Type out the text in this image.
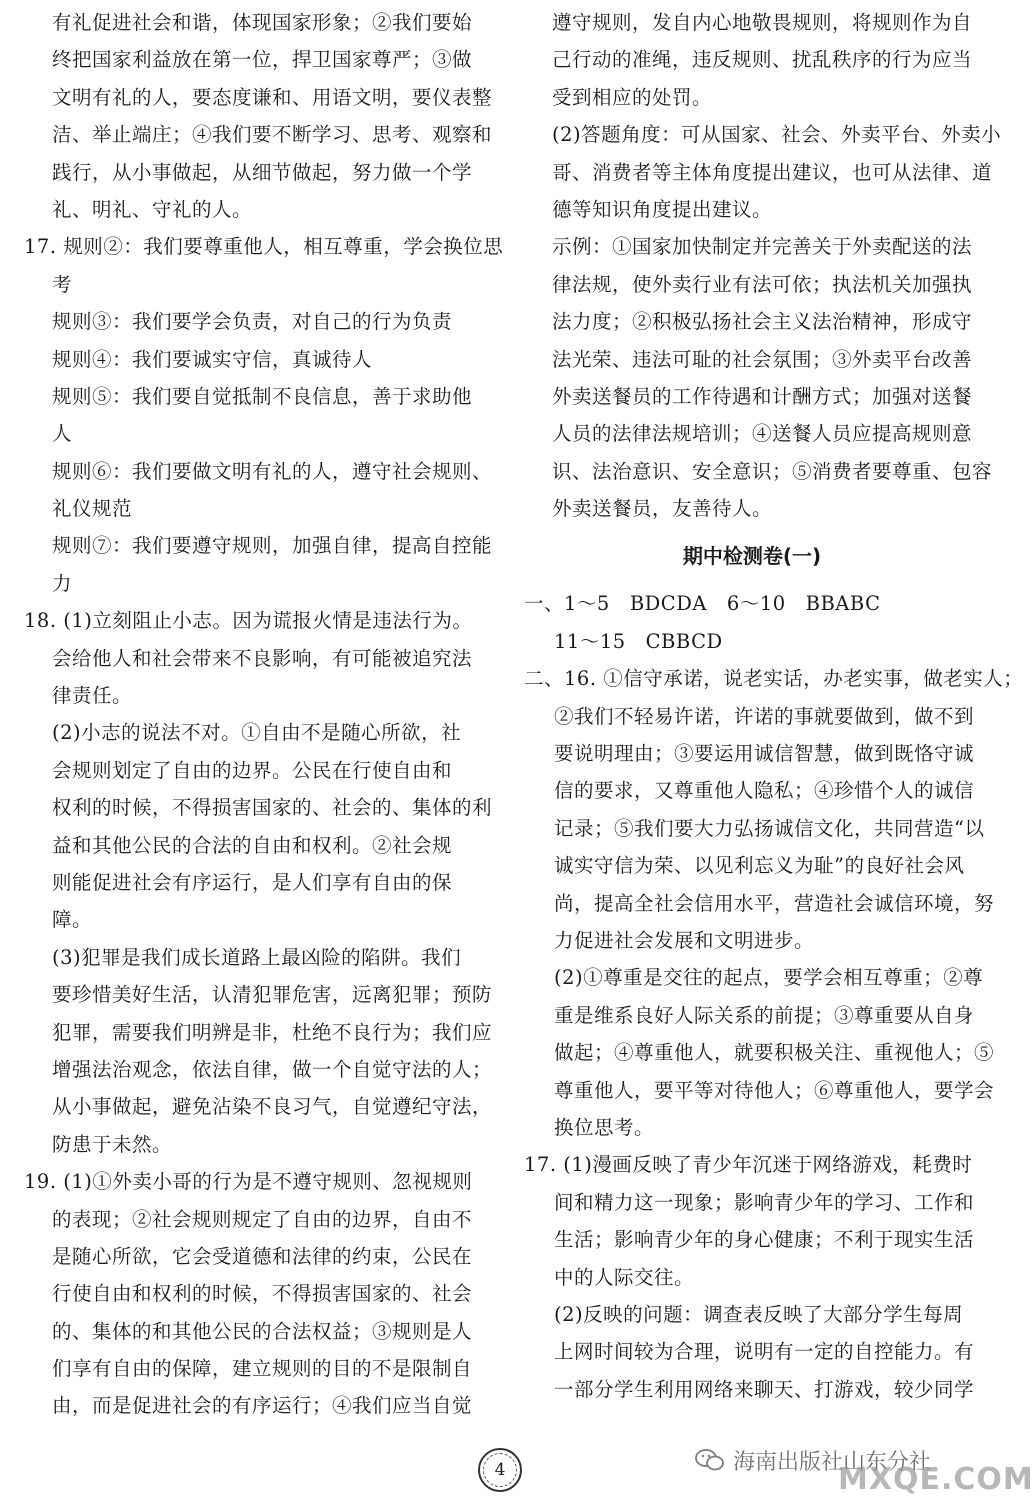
有礼促进社会和谐，体现国家形象；②我们要始
终把国家利益放在第一位，捍卫国家尊严；③做
文明有礼的人，要态度谦和、用语文明，要仪表整
洁、举止端庄；④我们要不断学习、思考、观察和
践行，从小事做起，从细节做起，努力做一个学
礼、明礼、守礼的人。
17. 规则②：我们要尊重他人，相互尊重，学会换位思
考
规则③：我们要学会负责，对自己的行为负责
规则④：我们要诚实守信，真诚待人
规则⑤：我们要自觉抵制不良信息，善于求助他
人
规则⑥：我们要做文明有礼的人，遵守社会规则、
礼仪规范
规则⑦：我们要遵守规则，加强自律，提高自控能
力
18. (1)立刻阻止小志。因为谎报火情是违法行为。
会给他人和社会带来不良影响，有可能被追究法
律责任。
(2)小志的说法不对。①自由不是随心所欲，社
会规则划定了自由的边界。公民在行使自由和
权利的时候，不得损害国家的、社会的、集体的利
益和其他公民的合法的自由和权利。②社会规
则能促进社会有序运行，是人们享有自由的保
障。
(3)犯罪是我们成长道路上最凶险的陷阱。我们
要珍惜美好生活，认清犯罪危害，远离犯罪；预防
犯罪，需要我们明辨是非，杜绝不良行为；我们应
增强法治观念，依法自律，做一个自觉守法的人；
从小事做起，避免沾染不良习气，自觉遵纪守法，
防患于未然。
19. (1)①外卖小哥的行为是不遵守规则、忽视规则
的表现；②社会规则规定了自由的边界，自由不
是随心所欲，它会受道德和法律的约束，公民在
行使自由和权利的时候，不得损害国家的、社会
的、集体的和其他公民的合法权益；③规则是人
们享有自由的保障，建立规则的目的不是限制自
由，而是促进社会的有序运行；④我们应当自觉
遵守规则，发自内心地敬畏规则，将规则作为自
己行动的准绳，违反规则、扰乱秩序的行为应当
受到相应的处罚。
(2)答题角度：可从国家、社会、外卖平台、外卖小
哥、消费者等主体角度提出建议，也可从法律、道
德等知识角度提出建议。
示例：①国家加快制定并完善关于外卖配送的法
律法规，使外卖行业有法可依；执法机关加强执
法力度；②积极弘扬社会主义法治精神，形成守
法光荣、违法可耻的社会氛围；③外卖平台改善
外卖送餐员的工作待遇和计酬方式；加强对送餐
人员的法律法规培训；④送餐人员应提高规则意
识、法治意识、安全意识；⑤消费者要尊重、包容
外卖送餐员，友善待人。
期中检测卷(一)
一、1～5　BDCDA　6～10　BBABC
11～15　CBBCD
二、16. ①信守承诺，说老实话，办老实事，做老实人；
②我们不轻易许诺，许诺的事就要做到，做不到
要说明理由；③要运用诚信智慧，做到既恪守诚
信的要求，又尊重他人隐私；④珍惜个人的诚信
记录；⑤我们要大力弘扬诚信文化，共同营造“以
诚实守信为荣、以见利忘义为耻”的良好社会风
尚，提高全社会信用水平，营造社会诚信环境，努
力促进社会发展和文明进步。
(2)①尊重是交往的起点，要学会相互尊重；②尊
重是维系良好人际关系的前提；③尊重要从自身
做起；④尊重他人，就要积极关注、重视他人；⑤
尊重他人，要平等对待他人；⑥尊重他人，要学会
换位思考。
17. (1)漫画反映了青少年沉迷于网络游戏，耗费时
间和精力这一现象；影响青少年的学习、工作和
生活；影响青少年的身心健康；不利于现实生活
中的人际交往。
(2)反映的问题：调查表反映了大部分学生每周
上网时间较为合理，说明有一定的自控能力。有
一部分学生利用网络来聊天、打游戏，较少同学
4	海南出版社山东分社
MXQE.COM
